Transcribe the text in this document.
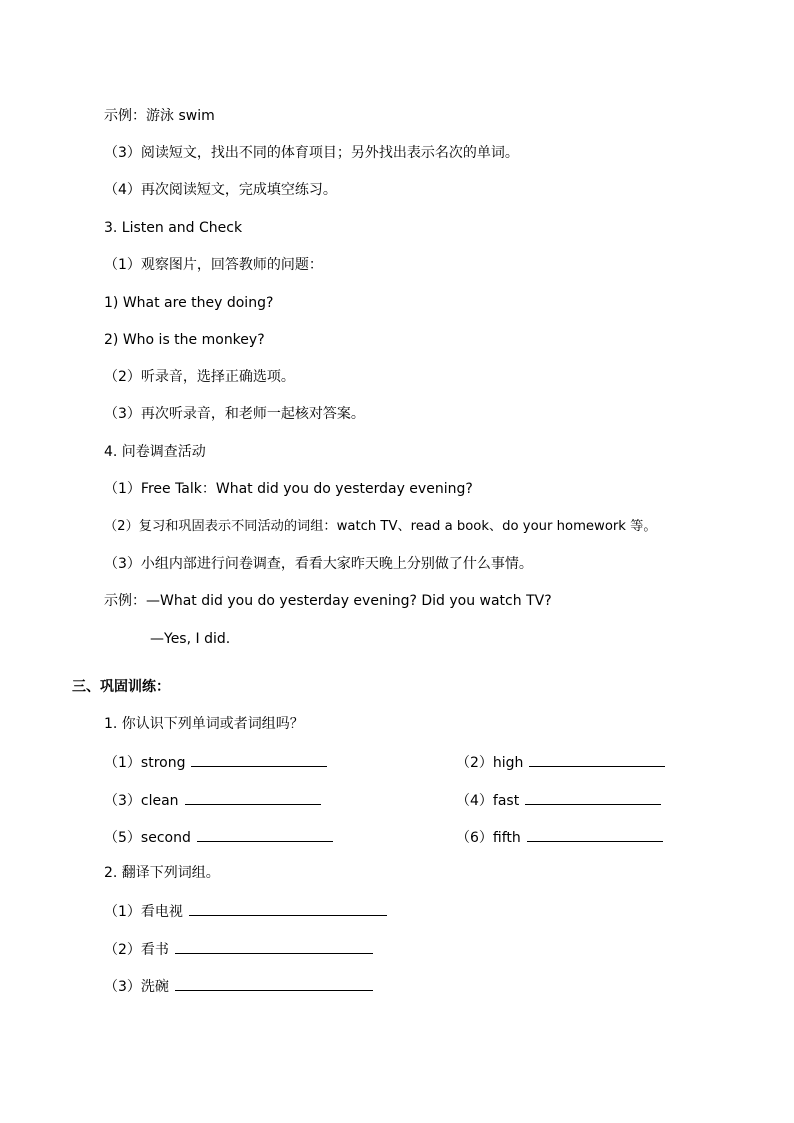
示例：游泳 swim
（3）阅读短文，找出不同的体育项目；另外找出表示名次的单词。
（4）再次阅读短文，完成填空练习。
3. Listen and Check
（1）观察图片，回答教师的问题：
1) What are they doing?
2) Who is the monkey?
（2）听录音，选择正确选项。
（3）再次听录音，和老师一起核对答案。
4. 问卷调查活动
（1）Free Talk：What did you do yesterday evening?
（2）复习和巩固表示不同活动的词组：watch TV、read a book、do your homework 等。
（3）小组内部进行问卷调查，看看大家昨天晚上分别做了什么事情。
示例：—What did you do yesterday evening? Did you watch TV?
—Yes, I did.
三、巩固训练：
1. 你认识下列单词或者词组吗？
（1）strong	（2）high
（3）clean	（4）fast
（5）second	（6）fifth
2. 翻译下列词组。
（1）看电视
（2）看书
（3）洗碗
